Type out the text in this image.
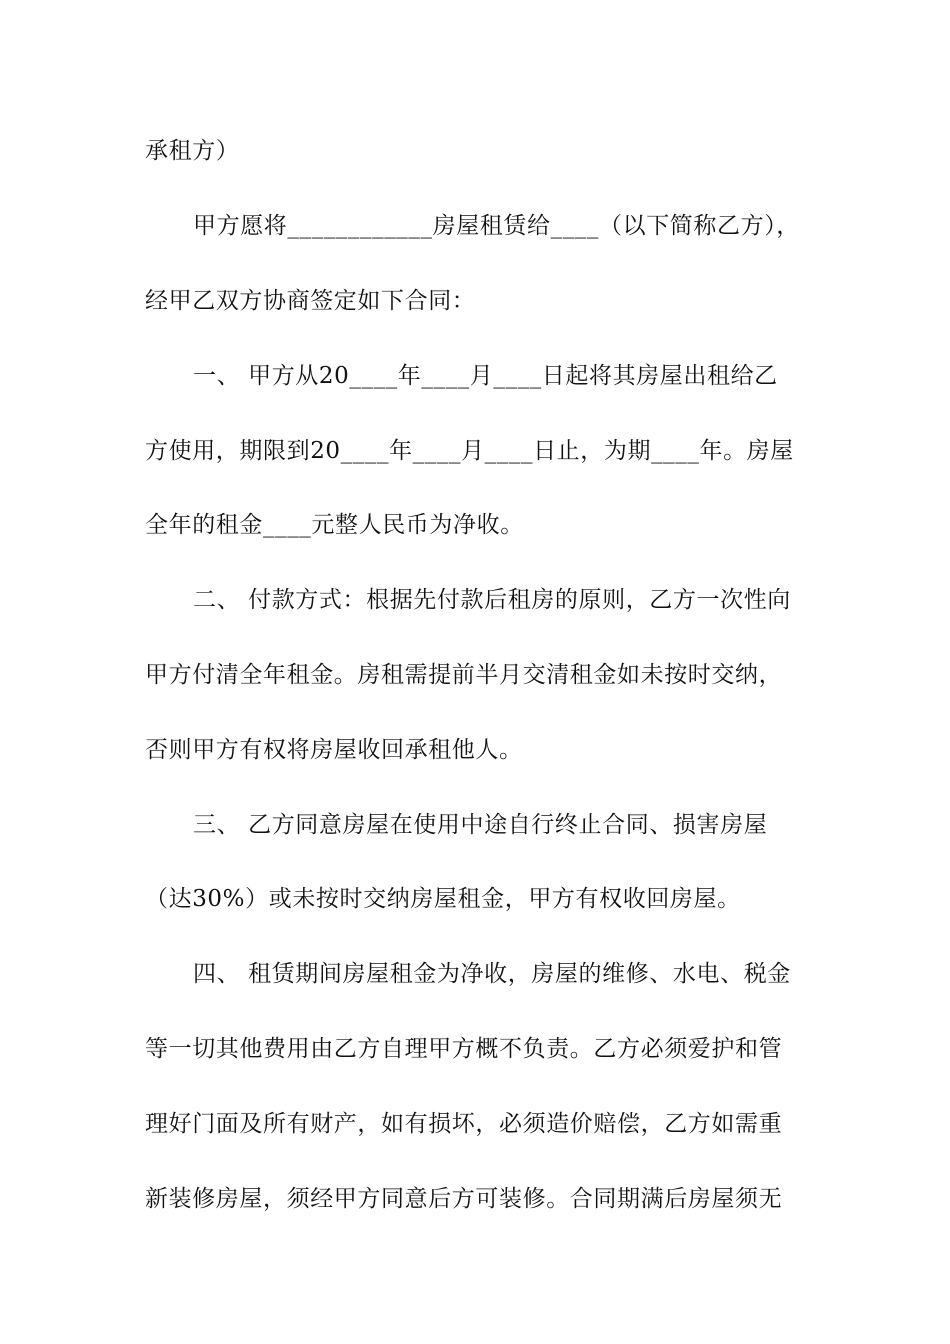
承租方）
甲方愿将____________房屋租赁给____（以下简称乙方），
经甲乙双方协商签定如下合同：
一、 甲方从20____年____月____日起将其房屋出租给乙
方使用，期限到20____年____月____日止，为期____年。房屋
全年的租金____元整人民币为净收。
二、 付款方式：根据先付款后租房的原则，乙方一次性向
甲方付清全年租金。房租需提前半月交清租金如未按时交纳，
否则甲方有权将房屋收回承租他人。
三、 乙方同意房屋在使用中途自行终止合同、损害房屋
（达30%）或未按时交纳房屋租金，甲方有权收回房屋。
四、 租赁期间房屋租金为净收，房屋的维修、水电、税金
等一切其他费用由乙方自理甲方概不负责。乙方必须爱护和管
理好门面及所有财产，如有损坏，必须造价赔偿，乙方如需重
新装修房屋，须经甲方同意后方可装修。合同期满后房屋须无
